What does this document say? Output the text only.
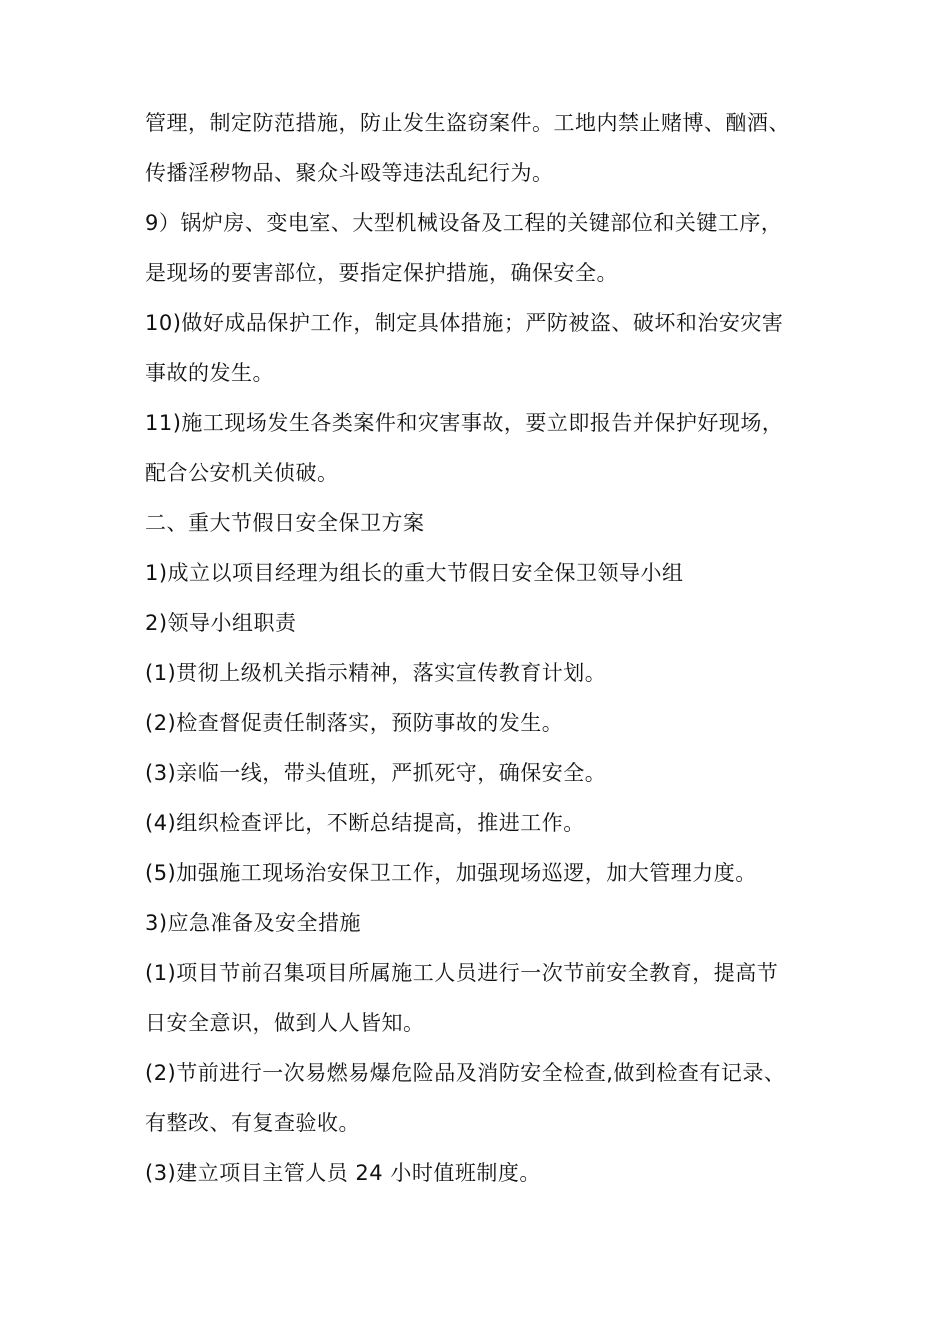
管理，制定防范措施，防止发生盗窃案件。工地内禁止赌博、酗酒、
传播淫秽物品、聚众斗殴等违法乱纪行为。
9）锅炉房、变电室、大型机械设备及工程的关键部位和关键工序，
是现场的要害部位，要指定保护措施，确保安全。
10)做好成品保护工作，制定具体措施；严防被盗、破坏和治安灾害
事故的发生。
11)施工现场发生各类案件和灾害事故，要立即报告并保护好现场，
配合公安机关侦破。
二、重大节假日安全保卫方案
1)成立以项目经理为组长的重大节假日安全保卫领导小组
2)领导小组职责
(1)贯彻上级机关指示精神，落实宣传教育计划。
(2)检查督促责任制落实，预防事故的发生。
(3)亲临一线，带头值班，严抓死守，确保安全。
(4)组织检查评比，不断总结提高，推进工作。
(5)加强施工现场治安保卫工作，加强现场巡逻，加大管理力度。
3)应急准备及安全措施
(1)项目节前召集项目所属施工人员进行一次节前安全教育，提高节
日安全意识，做到人人皆知。
(2)节前进行一次易燃易爆危险品及消防安全检查,做到检查有记录、
有整改、有复查验收。
(3)建立项目主管人员 24 小时值班制度。
